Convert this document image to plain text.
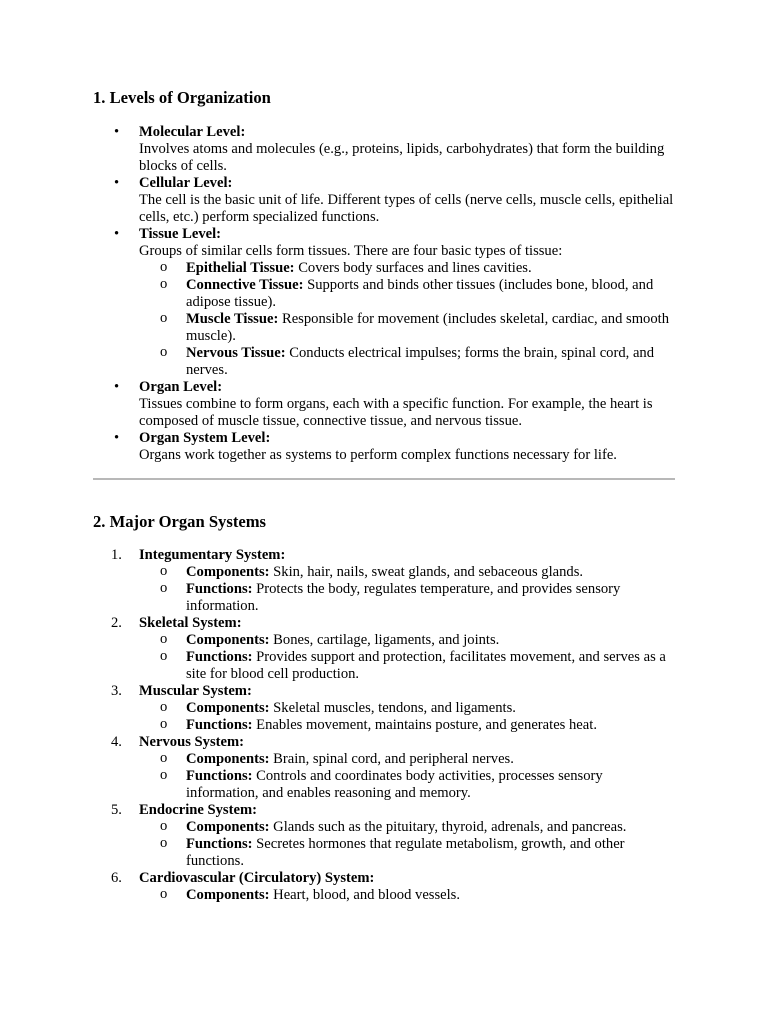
1. Levels of Organization
• Molecular Level:
Involves atoms and molecules (e.g., proteins, lipids, carbohydrates) that form the building blocks of cells.
• Cellular Level:
The cell is the basic unit of life. Different types of cells (nerve cells, muscle cells, epithelial cells, etc.) perform specialized functions.
• Tissue Level:
Groups of similar cells form tissues. There are four basic types of tissue:
o Epithelial Tissue: Covers body surfaces and lines cavities.
o Connective Tissue: Supports and binds other tissues (includes bone, blood, and adipose tissue).
o Muscle Tissue: Responsible for movement (includes skeletal, cardiac, and smooth muscle).
o Nervous Tissue: Conducts electrical impulses; forms the brain, spinal cord, and nerves.
• Organ Level:
Tissues combine to form organs, each with a specific function. For example, the heart is composed of muscle tissue, connective tissue, and nervous tissue.
• Organ System Level:
Organs work together as systems to perform complex functions necessary for life.
2. Major Organ Systems
1.	Integumentary System:
o Components: Skin, hair, nails, sweat glands, and sebaceous glands.
o Functions: Protects the body, regulates temperature, and provides sensory information.
2.	Skeletal System:
o Components: Bones, cartilage, ligaments, and joints.
o Functions: Provides support and protection, facilitates movement, and serves as a site for blood cell production.
3.	Muscular System:
o Components: Skeletal muscles, tendons, and ligaments.
o Functions: Enables movement, maintains posture, and generates heat.
4.	Nervous System:
o Components: Brain, spinal cord, and peripheral nerves.
o Functions: Controls and coordinates body activities, processes sensory information, and enables reasoning and memory.
5.	Endocrine System:
o Components: Glands such as the pituitary, thyroid, adrenals, and pancreas.
o Functions: Secretes hormones that regulate metabolism, growth, and other functions.
6.	Cardiovascular (Circulatory) System:
o Components: Heart, blood, and blood vessels.
